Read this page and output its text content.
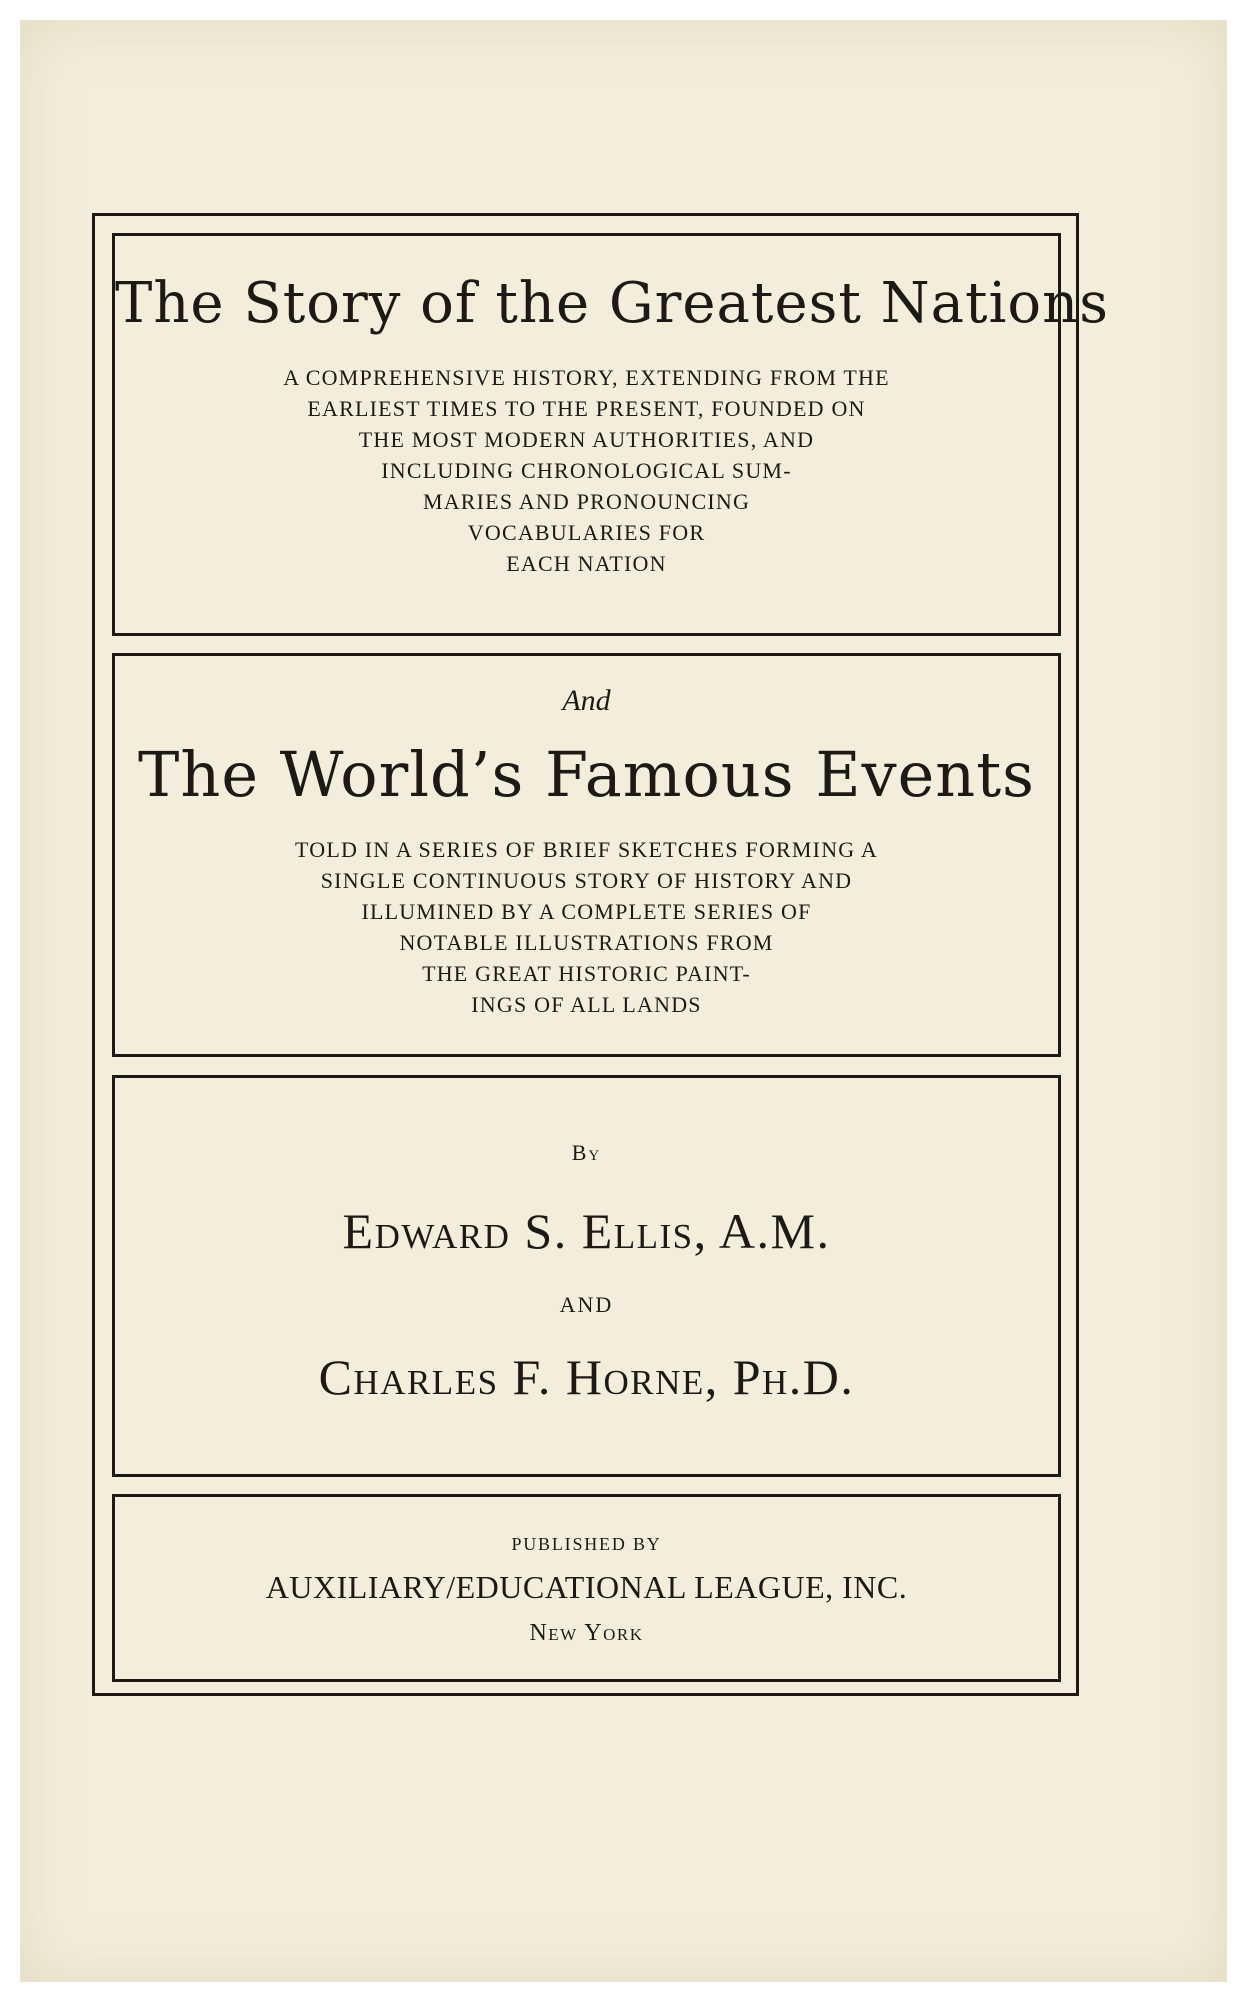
The Story of the Greatest Nations
A COMPREHENSIVE HISTORY, EXTENDING FROM THE
EARLIEST TIMES TO THE PRESENT, FOUNDED ON
THE MOST MODERN AUTHORITIES, AND
INCLUDING CHRONOLOGICAL SUM-
MARIES AND PRONOUNCING
VOCABULARIES FOR
EACH NATION
And
The World’s Famous Events
TOLD IN A SERIES OF BRIEF SKETCHES FORMING A
SINGLE CONTINUOUS STORY OF HISTORY AND
ILLUMINED BY A COMPLETE SERIES OF
NOTABLE ILLUSTRATIONS FROM
THE GREAT HISTORIC PAINT-
INGS OF ALL LANDS
By
Edward S. Ellis, A.M.
AND
Charles F. Horne, Ph.D.
PUBLISHED BY
AUXILIARY/EDUCATIONAL LEAGUE, INC.
New York
